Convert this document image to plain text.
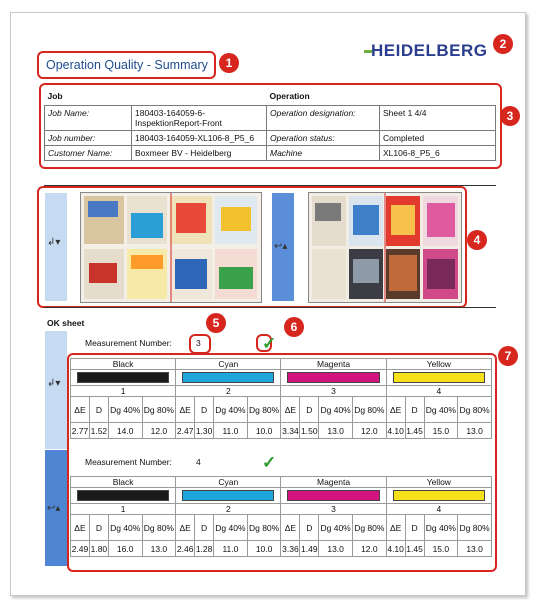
Operation Quality - Summary	1
HEIDELBERG	2
3
Job		Operation	
Job Name:	180403-164059-6-InspektionReport-Front	Operation designation:	Sheet 1 4/4
Job number:	180403-164059-XL106-8_P5_6	Operation status:	Completed
Customer Name:	Boxmeer BV - Heidelberg	Machine	XL106-8_P5_6
4
↲▾	↩▴
OK sheet
↲▾
↩▴
Measurement Number:	3
5
✓
6
7
Black				Cyan				Magenta				Yellow			

1				2				3				4			
ΔE	D	Dg 40%	Dg 80%	ΔE	D	Dg 40%	Dg 80%	ΔE	D	Dg 40%	Dg 80%	ΔE	D	Dg 40%	Dg 80%
2.77	1.52	14.0	12.0	2.47	1.30	11.0	10.0	3.34	1.50	13.0	12.0	4.10	1.45	15.0	13.0
Measurement Number:	4	✓
Black				Cyan				Magenta				Yellow			

1				2				3				4			
ΔE	D	Dg 40%	Dg 80%	ΔE	D	Dg 40%	Dg 80%	ΔE	D	Dg 40%	Dg 80%	ΔE	D	Dg 40%	Dg 80%
2.49	1.80	16.0	13.0	2.46	1.28	11.0	10.0	3.36	1.49	13.0	12.0	4.10	1.45	15.0	13.0
